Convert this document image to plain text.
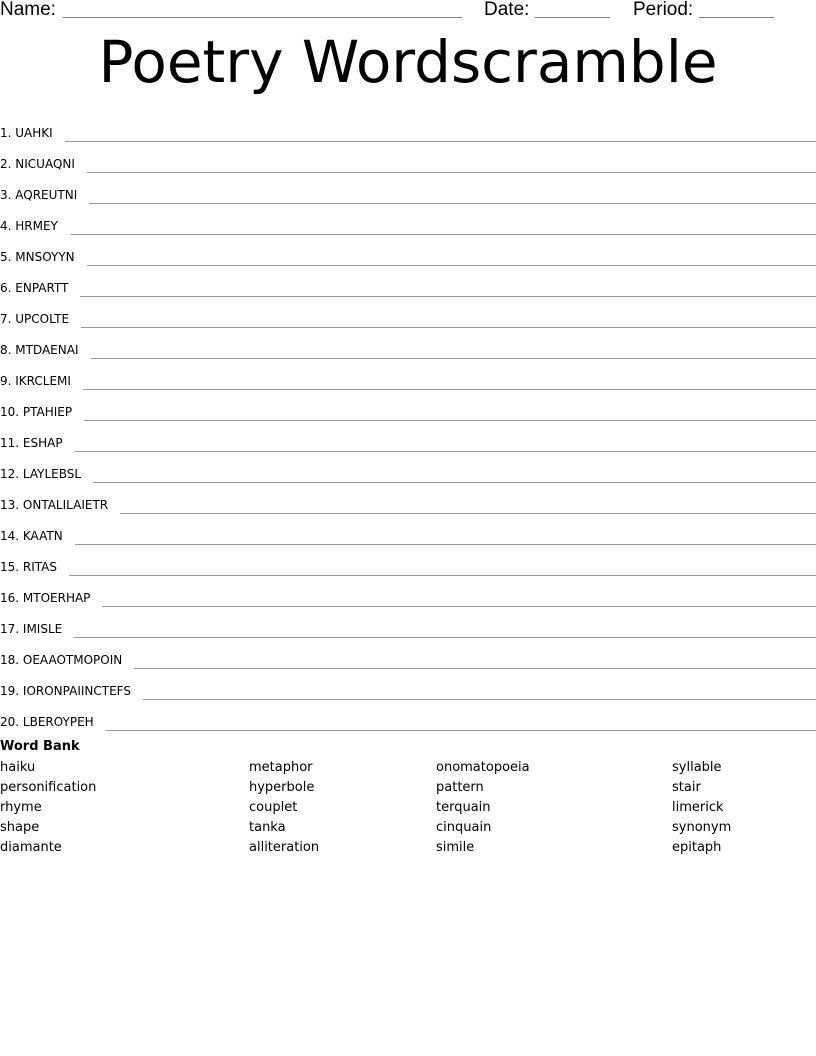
Name:	Date:	Period:
Poetry Wordscramble
1. UAHKI
2. NICUAQNI
3. AQREUTNI
4. HRMEY
5. MNSOYYN
6. ENPARTT
7. UPCOLTE
8. MTDAENAI
9. IKRCLEMI
10. PTAHIEP
11. ESHAP
12. LAYLEBSL
13. ONTALILAIETR
14. KAATN
15. RITAS
16. MTOERHAP
17. IMISLE
18. OEAAOTMOPOIN
19. IORONPAIINCTEFS
20. LBEROYPEH
Word Bank
haiku
personification
rhyme
shape
diamante
metaphor
hyperbole
couplet
tanka
alliteration
onomatopoeia
pattern
terquain
cinquain
simile
syllable
stair
limerick
synonym
epitaph
